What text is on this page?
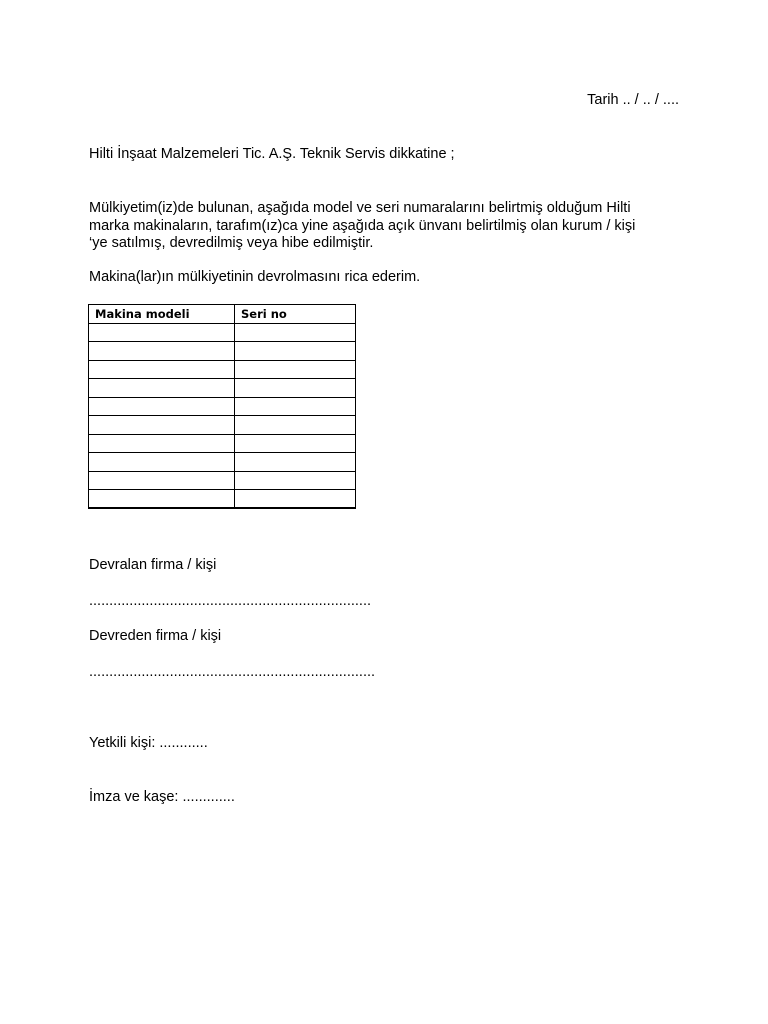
Tarih .. / .. / ....
Hilti İnşaat Malzemeleri Tic. A.Ş. Teknik Servis dikkatine ;
Mülkiyetim(iz)de bulunan, aşağıda model ve seri numaralarını belirtmiş olduğum Hilti
marka makinaların, tarafım(ız)ca yine aşağıda açık ünvanı belirtilmiş olan kurum / kişi
‘ye satılmış, devredilmiş veya hibe edilmiştir.
Makina(lar)ın mülkiyetinin devrolmasını rica ederim.
Makina modeli	Seri no

Devralan firma / kişi
......................................................................
Devreden firma / kişi
.......................................................................
Yetkili kişi: ............
İmza ve kaşe: .............
